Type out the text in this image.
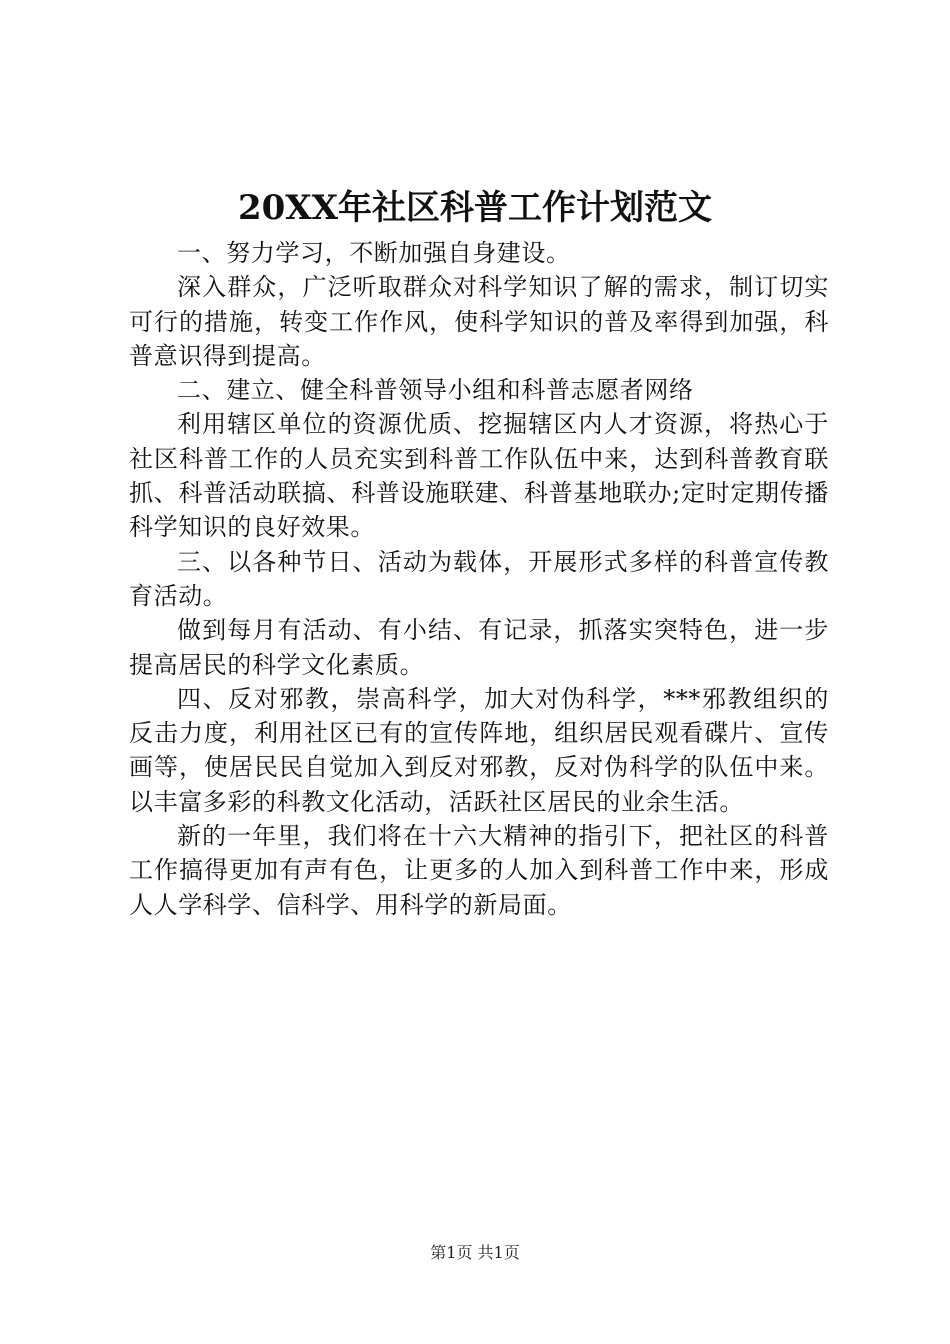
20XX年社区科普工作计划范文

一、努力学习，不断加强自身建设。

深入群众，广泛听取群众对科学知识了解的需求，制订切实可行的措施，转变工作作风，使科学知识的普及率得到加强，科普意识得到提高。

二、建立、健全科普领导小组和科普志愿者网络

利用辖区单位的资源优质、挖掘辖区内人才资源，将热心于社区科普工作的人员充实到科普工作队伍中来，达到科普教育联抓、科普活动联搞、科普设施联建、科普基地联办;定时定期传播科学知识的良好效果。

三、以各种节日、活动为载体，开展形式多样的科普宣传教育活动。

做到每月有活动、有小结、有记录，抓落实突特色，进一步提高居民的科学文化素质。

四、反对邪教，崇高科学，加大对伪科学，***邪教组织的反击力度，利用社区已有的宣传阵地，组织居民观看碟片、宣传画等，使居民民自觉加入到反对邪教，反对伪科学的队伍中来。以丰富多彩的科教文化活动，活跃社区居民的业余生活。

新的一年里，我们将在十六大精神的指引下，把社区的科普工作搞得更加有声有色，让更多的人加入到科普工作中来，形成人人学科学、信科学、用科学的新局面。

第1页 共1页
